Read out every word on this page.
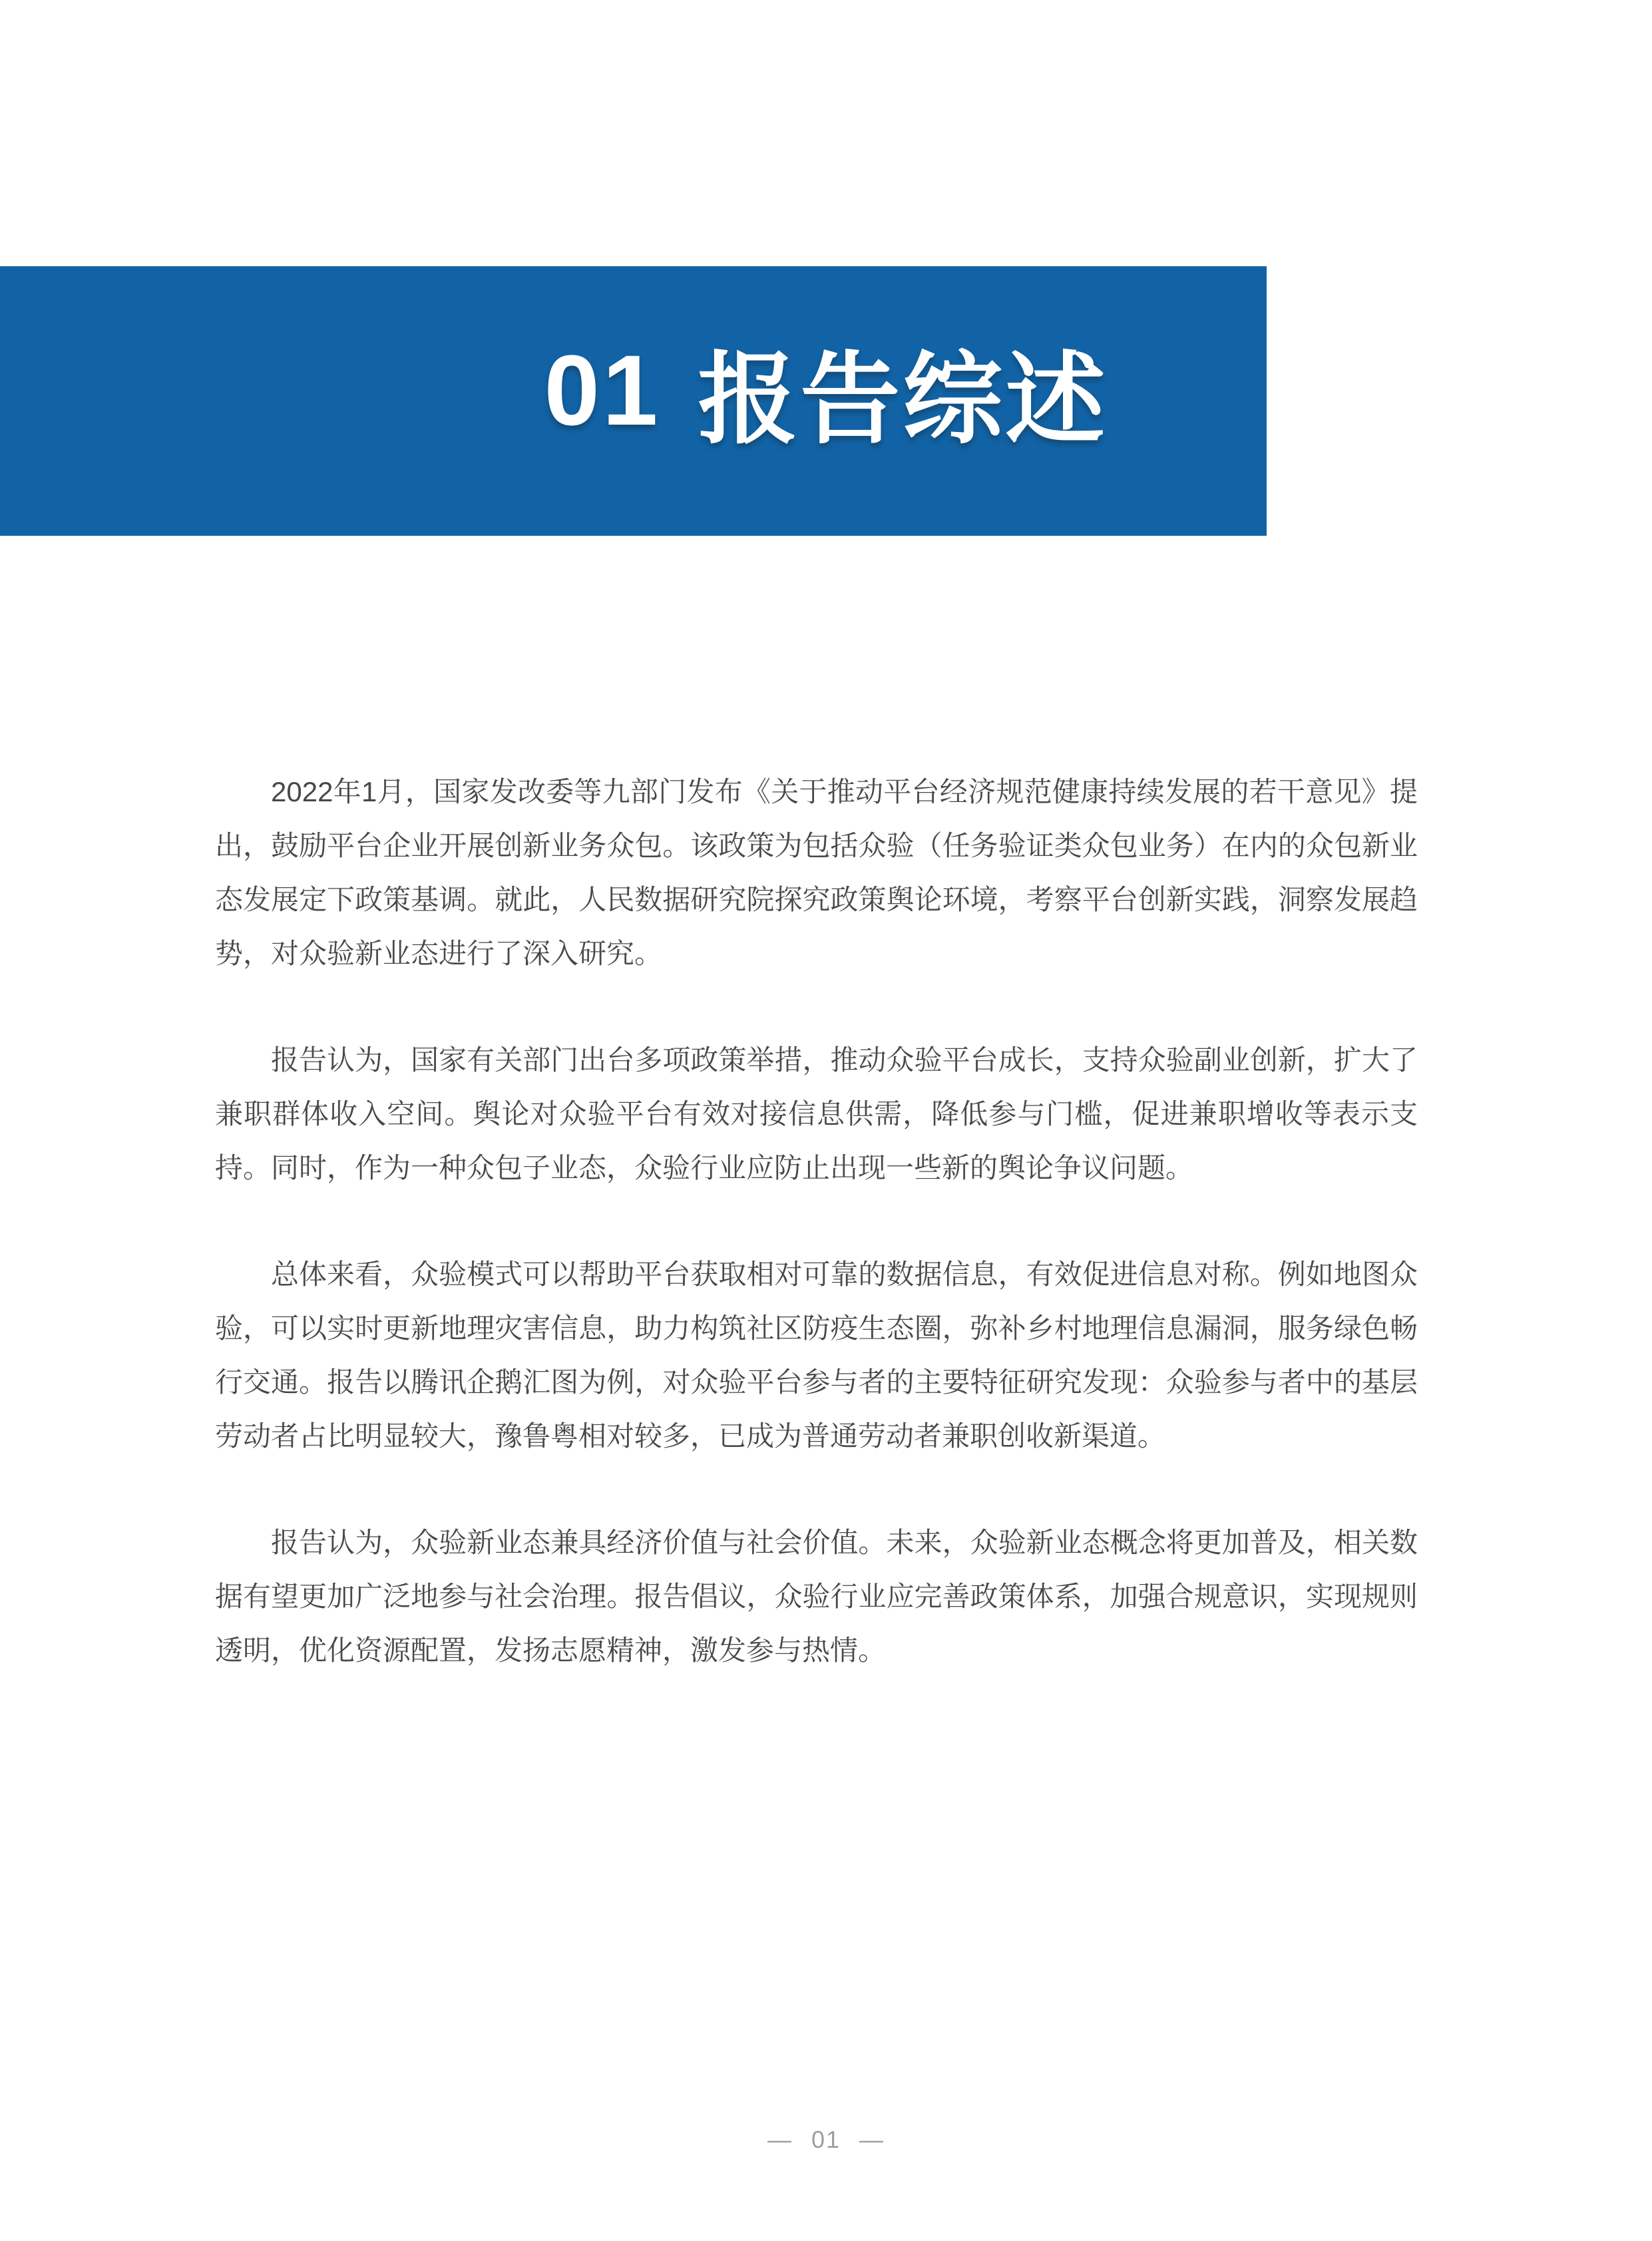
01 报告综述

2022年1月，国家发改委等九部门发布《关于推动平台经济规范健康持续发展的若干意见》提出，鼓励平台企业开展创新业务众包。该政策为包括众验（任务验证类众包业务）在内的众包新业态发展定下政策基调。就此，人民数据研究院探究政策舆论环境，考察平台创新实践，洞察发展趋势，对众验新业态进行了深入研究。

报告认为，国家有关部门出台多项政策举措，推动众验平台成长，支持众验副业创新，扩大了兼职群体收入空间。舆论对众验平台有效对接信息供需，降低参与门槛，促进兼职增收等表示支持。同时，作为一种众包子业态，众验行业应防止出现一些新的舆论争议问题。

总体来看，众验模式可以帮助平台获取相对可靠的数据信息，有效促进信息对称。例如地图众验，可以实时更新地理灾害信息，助力构筑社区防疫生态圈，弥补乡村地理信息漏洞，服务绿色畅行交通。报告以腾讯企鹅汇图为例，对众验平台参与者的主要特征研究发现：众验参与者中的基层劳动者占比明显较大，豫鲁粤相对较多，已成为普通劳动者兼职创收新渠道。

报告认为，众验新业态兼具经济价值与社会价值。未来，众验新业态概念将更加普及，相关数据有望更加广泛地参与社会治理。报告倡议，众验行业应完善政策体系，加强合规意识，实现规则透明，优化资源配置，发扬志愿精神，激发参与热情。

— 01 —
